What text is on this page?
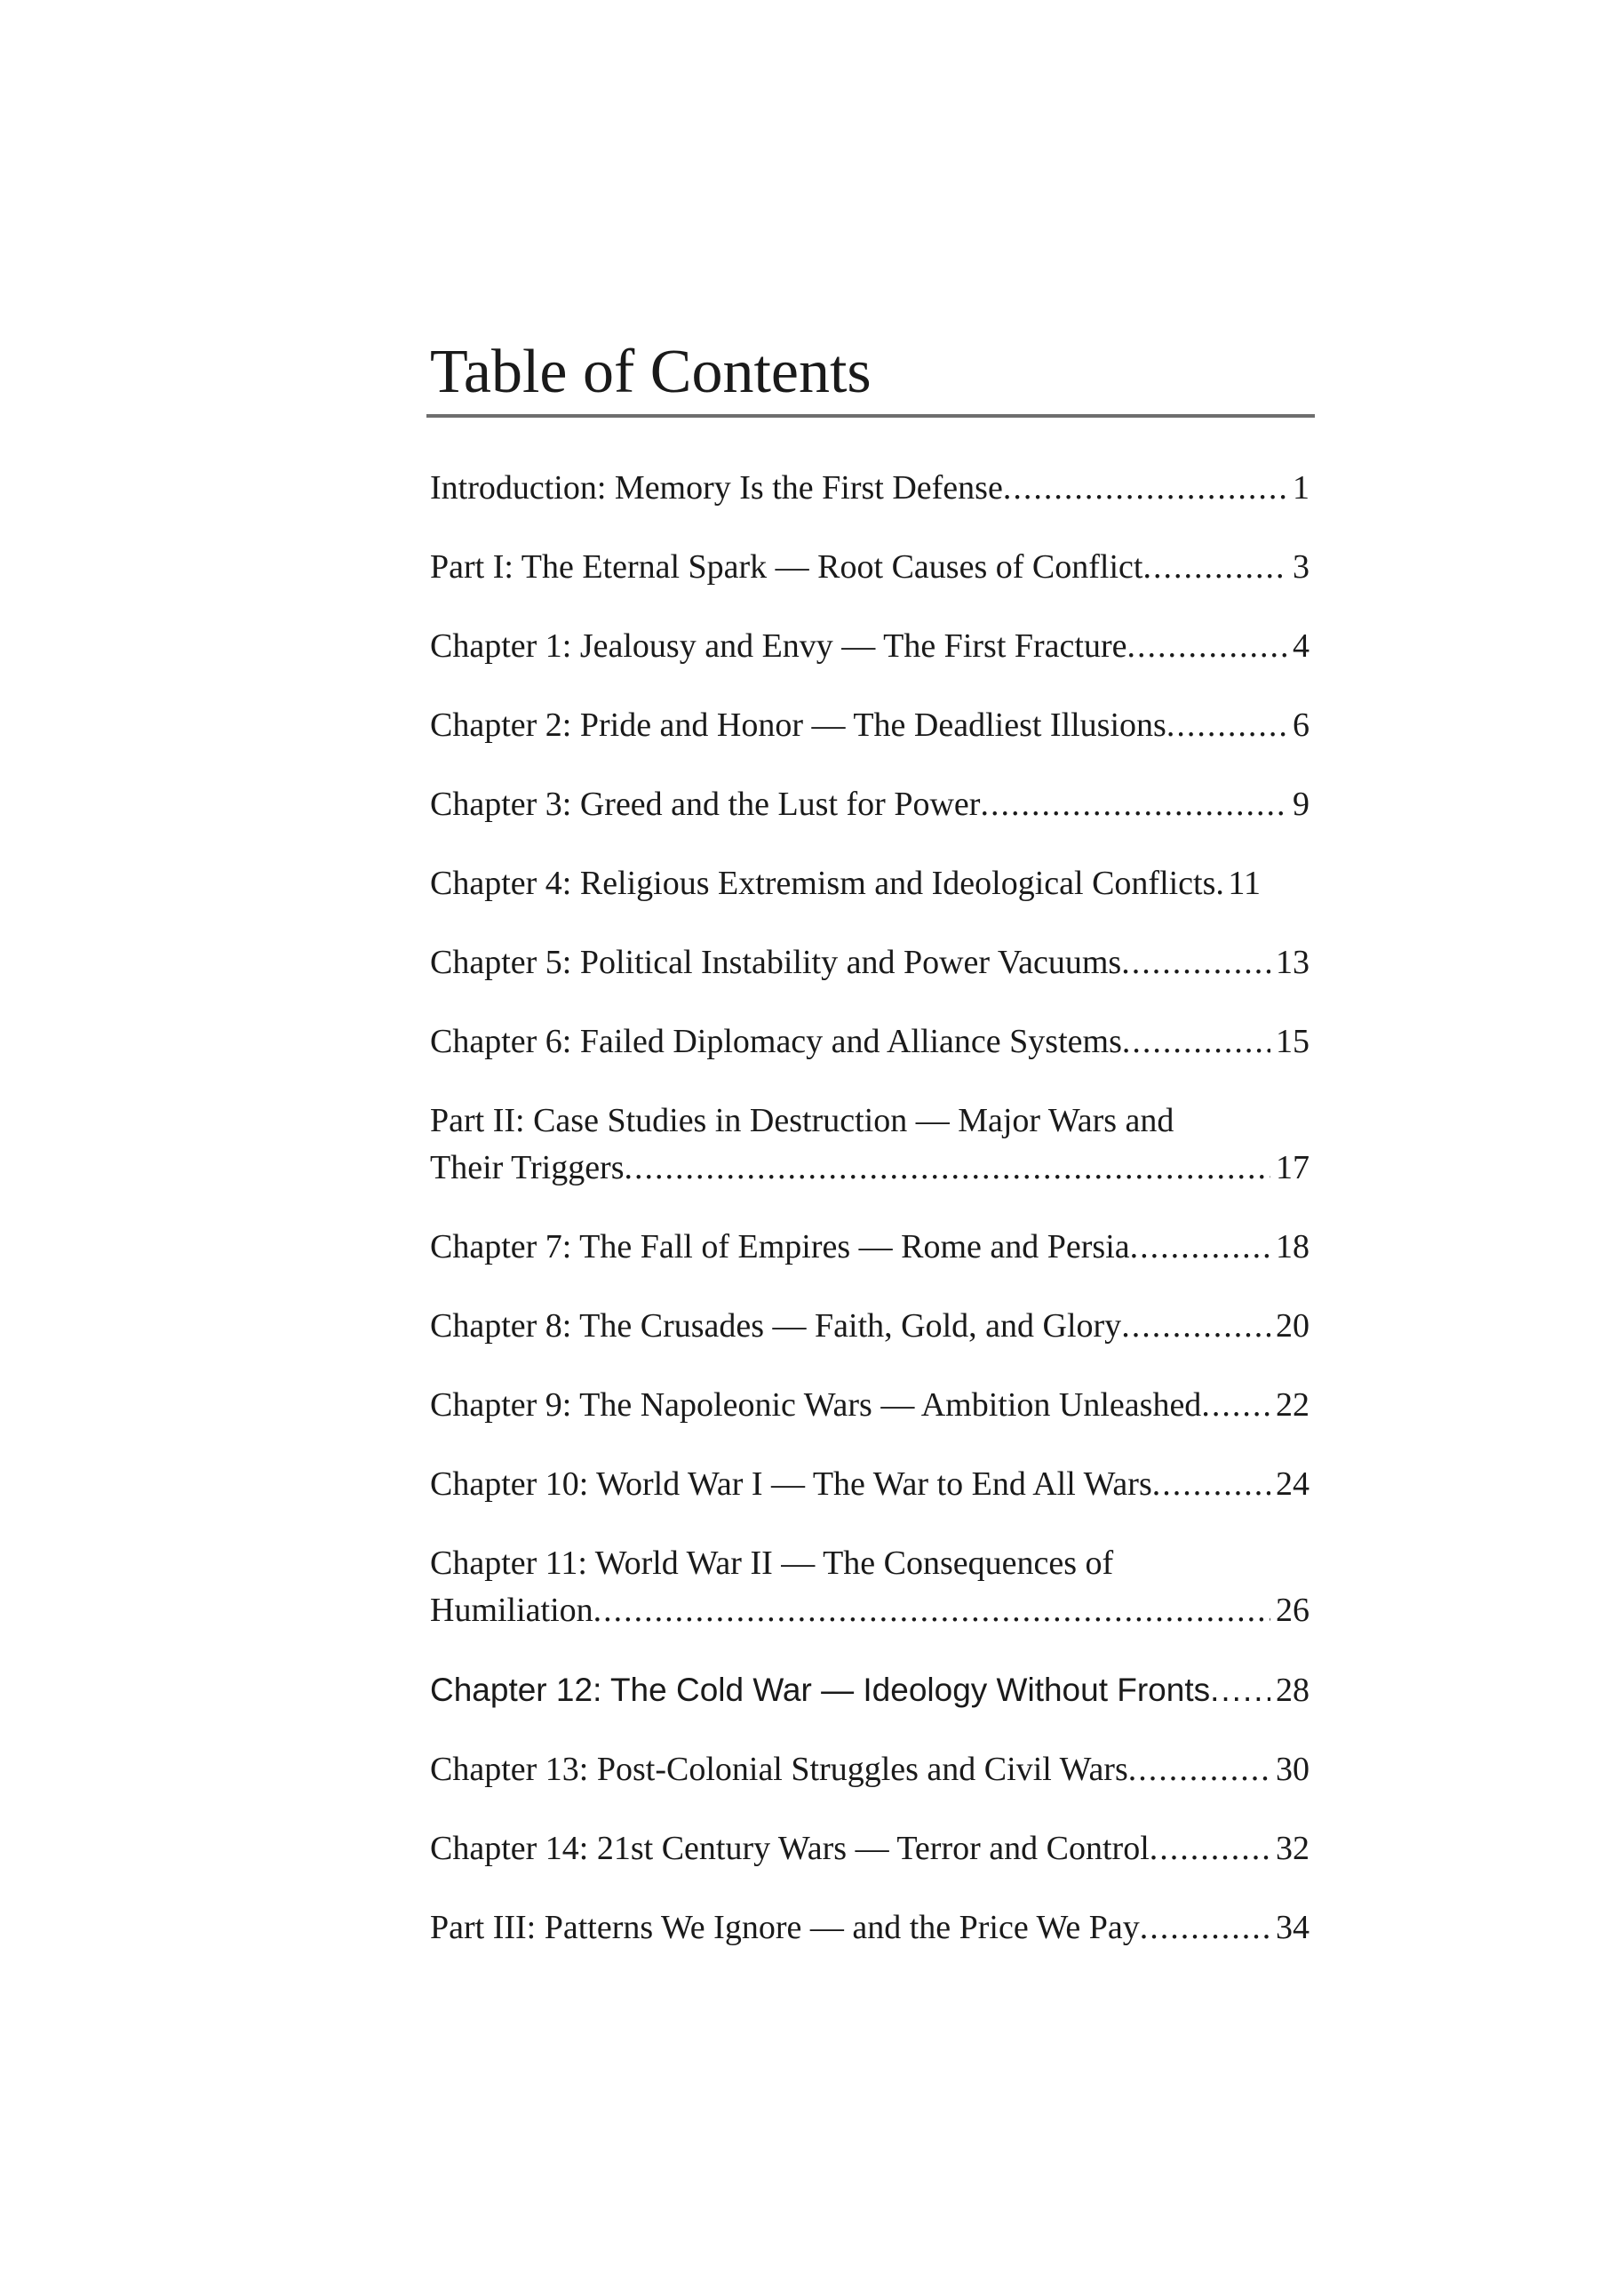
Table of Contents
Introduction: Memory Is the First Defense .....	1
Part I: The Eternal Spark — Root Causes of Conflict .....	3
Chapter 1: Jealousy and Envy — The First Fracture .....	4
Chapter 2: Pride and Honor — The Deadliest Illusions .....	6
Chapter 3: Greed and the Lust for Power .....	9
Chapter 4: Religious Extremism and Ideological Conflicts ..... 11
Chapter 5: Political Instability and Power Vacuums .....	13
Chapter 6: Failed Diplomacy and Alliance Systems .....	15
Part II: Case Studies in Destruction — Major Wars and
Their Triggers .....	17
Chapter 7: The Fall of Empires — Rome and Persia .....	18
Chapter 8: The Crusades — Faith, Gold, and Glory .....	20
Chapter 9: The Napoleonic Wars — Ambition Unleashed ..... 22
Chapter 10: World War I — The War to End All Wars .....	24
Chapter 11: World War II — The Consequences of
Humiliation .....	26
Chapter 12: The Cold War — Ideology Without Fronts ..... 28
Chapter 13: Post-Colonial Struggles and Civil Wars .....	30
Chapter 14: 21st Century Wars — Terror and Control .....	32
Part III: Patterns We Ignore — and the Price We Pay .....	34
